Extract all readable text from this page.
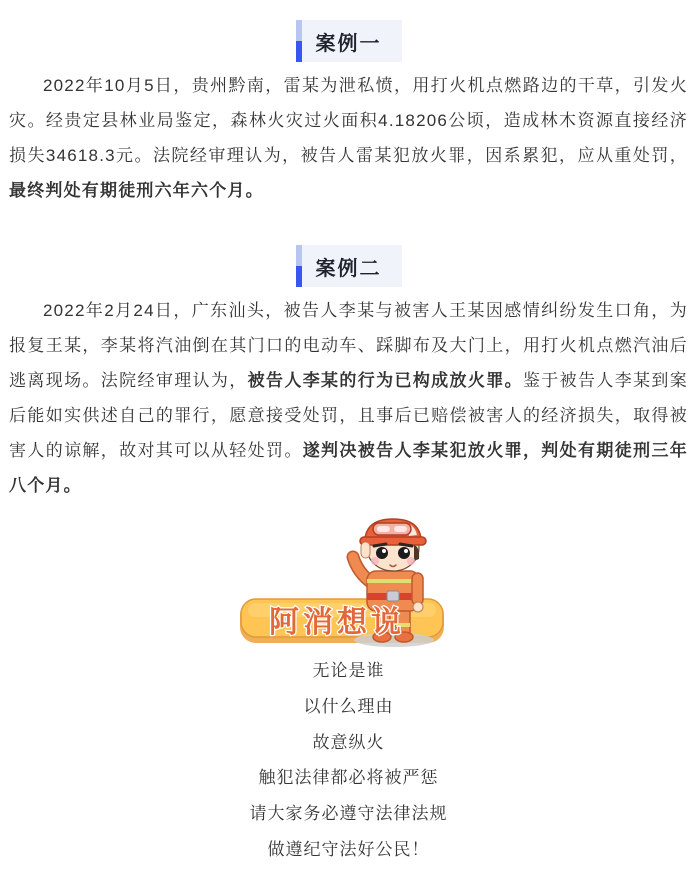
案例一

2022年10月5日，贵州黔南，雷某为泄私愤，用打火机点燃路边的干草，引发火灾。经贵定县林业局鉴定，森林火灾过火面积4.18206公顷，造成林木资源直接经济损失34618.3元。法院经审理认为，被告人雷某犯放火罪，因系累犯，应从重处罚，最终判处有期徒刑六年六个月。

案例二

2022年2月24日，广东汕头，被告人李某与被害人王某因感情纠纷发生口角，为报复王某，李某将汽油倒在其门口的电动车、踩脚布及大门上，用打火机点燃汽油后逃离现场。法院经审理认为，被告人李某的行为已构成放火罪。鉴于被告人李某到案后能如实供述自己的罪行，愿意接受处罚，且事后已赔偿被害人的经济损失，取得被害人的谅解，故对其可以从轻处罚。遂判决被告人李某犯放火罪，判处有期徒刑三年八个月。

阿消想说
无论是谁
以什么理由
故意纵火
触犯法律都必将被严惩
请大家务必遵守法律法规
做遵纪守法好公民！
